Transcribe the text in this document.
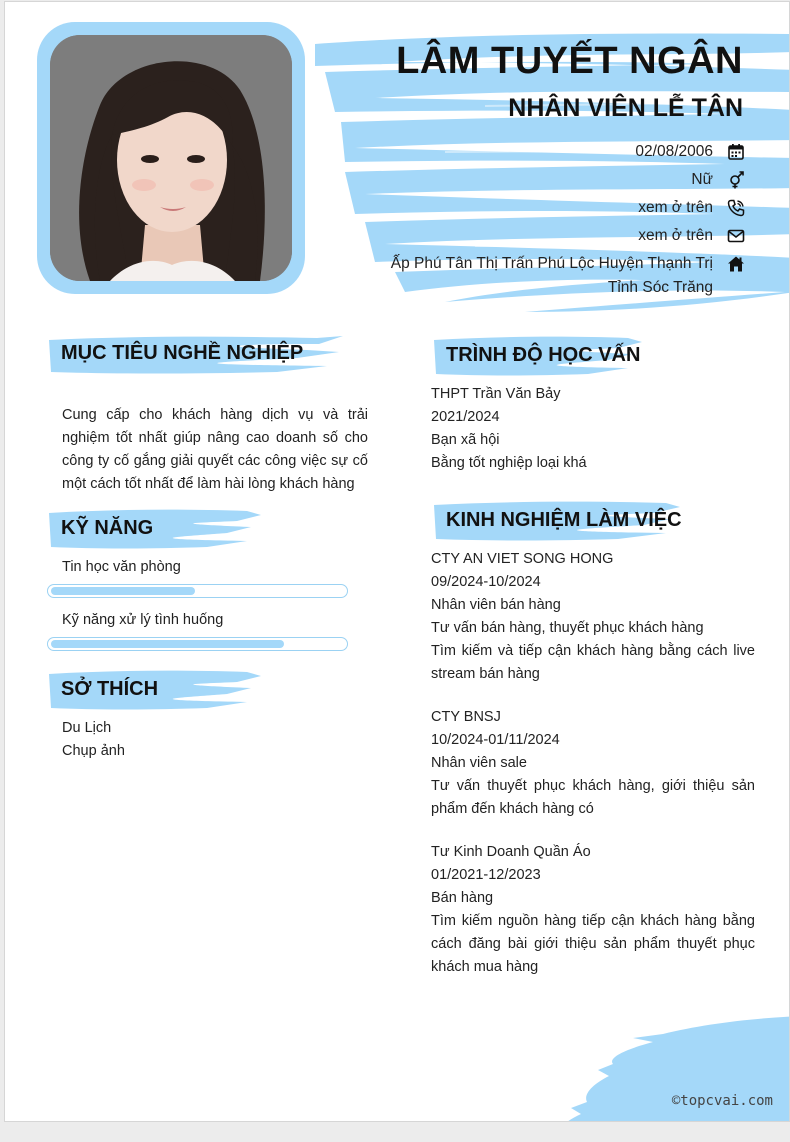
LÂM TUYẾT NGÂN
NHÂN VIÊN LỄ TÂN
02/08/2006
Nữ
xem ở trên
xem ở trên
Ấp Phú Tân Thị Trấn Phú Lộc Huyện Thạnh Trị
Tỉnh Sóc Trăng
MỤC TIÊU NGHỀ NGHIỆP
Cung cấp cho khách hàng dịch vụ và trải nghiệm tốt nhất giúp nâng cao doanh số cho công ty cố gắng giải quyết các công việc sự cố một cách tốt nhất để làm hài lòng khách hàng
KỸ NĂNG
Tin học văn phòng
Kỹ năng xử lý tình huống
SỞ THÍCH
Du Lịch
Chụp ảnh
TRÌNH ĐỘ HỌC VẤN
THPT Trần Văn Bảy
2021/2024
Bạn xã hội
Bằng tốt nghiệp loại khá
KINH NGHIỆM LÀM VIỆC
CTY AN VIET SONG HONG
09/2024-10/2024
Nhân viên bán hàng
Tư vấn bán hàng, thuyết phục khách hàng
Tìm kiếm và tiếp cận khách hàng bằng cách live stream bán hàng
CTY BNSJ
10/2024-01/11/2024
Nhân viên sale
Tư vấn thuyết phục khách hàng, giới thiệu sản phẩm đến khách hàng có
Tư Kinh Doanh Quần Áo
01/2021-12/2023
Bán hàng
Tìm kiếm nguồn hàng tiếp cận khách hàng bằng cách đăng bài giới thiệu sản phẩm thuyết phục khách mua hàng
©topcvai.com
